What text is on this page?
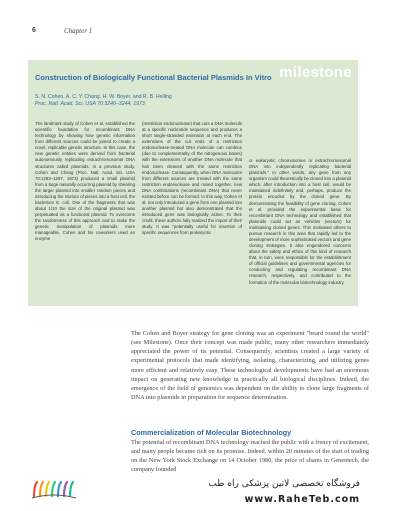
6	Chapter 1
milestone
Construction of Biologically Functional Bacterial Plasmids In Vitro
S. N. Cohen, A. C. Y. Chang, H. W. Boyer, and R. B. Helling
Proc. Natl. Acad. Sci. USA 70:3240–3244, 1973
The landmark study of Cohen et al. established the scientific foundation for recombinant DNA technology by showing how genetic information from different sources could be joined to create a novel, replicable genetic structure. In this case, the new genetic entities were derived from bacterial autonomously replicating extrachromosomal DNA structures called plasmids. In a previous study, Cohen and Chang (Proc. Natl. Acad. Sci. USA 70:1293–1297, 1973) produced a small plasmid from a large naturally occurring plasmid by shearing the larger plasmid into smaller random pieces and introducing the mixture of pieces into a host cell, the bacterium E. coli. One of the fragments that was about 1/10 the size of the original plasmid was perpetuated as a functional plasmid. To overcome the randomness of this approach and to make the genetic manipulation of plasmids more manageable, Cohen and his coworkers used an enzyme
(restriction endonuclease) that cuts a DNA molecule at a specific nucleotide sequence and produces a short single-stranded extension at each end. The extensions of the cut ends of a restriction endonuclease-treated DNA molecule can combine (due to complementarity of the nitrogenous bases) with the extensions of another DNA molecule that has been cleaved with the same restriction endonuclease. Consequently, when DNA molecules from different sources are treated with the same restriction endonuclease and mixed together, new DNA combinations (recombinant DNA) that never existed before can be formed. In this way, Cohen et al. not only introduced a gene from one plasmid into another plasmid but also demonstrated that the introduced gene was biologically active. To their credit, these authors fully realized the import of their study. It was "potentially useful for insertion of specific sequences from prokaryotic
or eukaryotic chromosomes or extrachromosomal DNA into independently replicating bacterial plasmids." In other words, any gene from any organism could theoretically be cloned into a plasmid which, after introduction into a host cell, would be maintained indefinitely and, perhaps, produce the protein encoded by the cloned gene. By demonstrating the feasibility of gene cloning, Cohen et al. provided the experimental basis for recombinant DNA technology and established that plasmids could act as vehicles (vectors) for maintaining cloned genes. This motivated others to pursue research in this area that rapidly led to the development of more sophisticated vectors and gene cloning strategies. It also engendered concerns about the safety and ethics of this kind of research that, in turn, were responsible for the establishment of official guidelines and governmental agencies for conducting and regulating recombinant DNA research, respectively, and contributed to the formation of the molecular biotechnology industry.
The Cohen and Boyer strategy for gene cloning was an experiment "heard round the world" (see Milestone). Once their concept was made public, many other researchers immediately appreciated the power of its potential. Consequently, scientists created a large variety of experimental protocols that made identifying, isolating, characterizing, and utilizing genes more efficient and relatively easy. These technological developments have had an enormous impact on generating new knowledge in practically all biological disciplines. Indeed, the emergence of the field of genomics was dependent on the ability to clone large fragments of DNA into plasmids in preparation for sequence determination.
Commercialization of Molecular Biotechnology
The potential of recombinant DNA technology reached the public with a frenzy of excitement, and many people became rich on its promise. Indeed, within 20 minutes of the start of trading on the New York Stock Exchange on 14 October 1980, the price of shares in Genentech, the company founded
فروشگاه تخصصی لاتین پزشکی راه طب
www.RaheTeb.com
